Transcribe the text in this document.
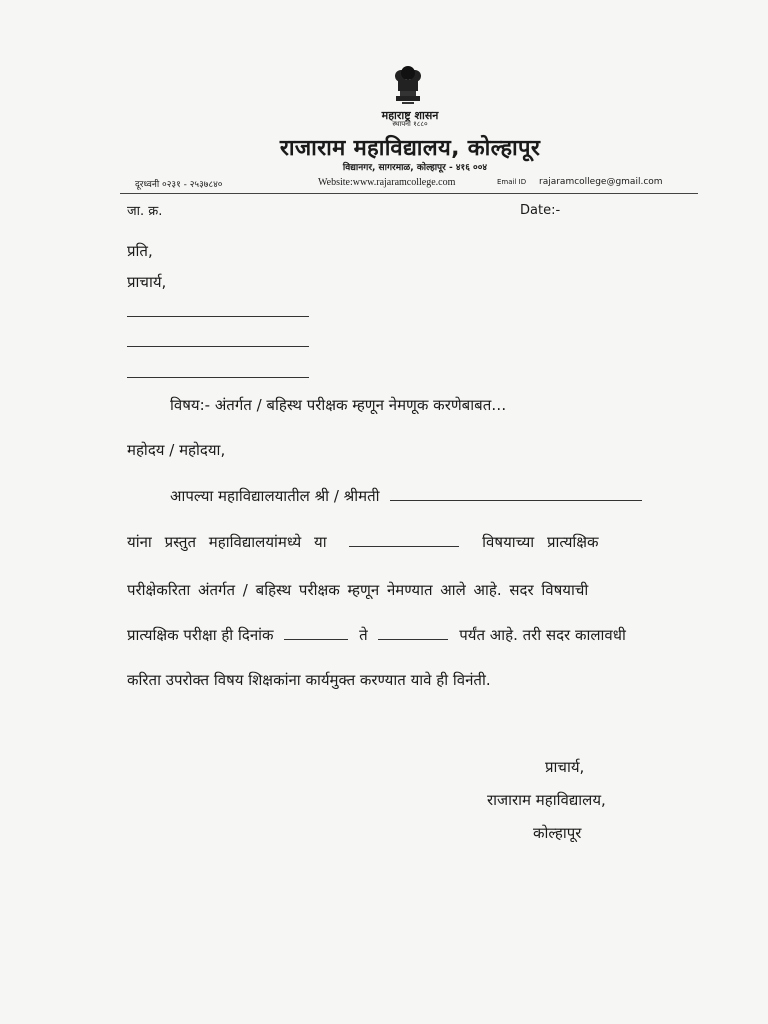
महाराष्ट्र शासन
स्थापना १८८०
राजाराम महाविद्यालय, कोल्हापूर
विद्यानगर, सागरमाळ, कोल्हापूर - ४१६ ००४
दूरध्वनी ०२३१ - २५३७८४०	Website:www.rajaramcollege.com	Email ID rajaramcollege@gmail.com
जा. क्र.	Date:-
प्रति,
प्राचार्य,
विषय:- अंतर्गत / बहिस्थ परीक्षक म्हणून नेमणूक करणेबाबत…
महोदय / महोदया,
आपल्या महाविद्यालयातील श्री / श्रीमती
यांना प्रस्तुत महाविद्यालयांमध्ये या	विषयाच्या प्रात्यक्षिक
परीक्षेकरिता अंतर्गत / बहिस्थ परीक्षक म्हणून नेमण्यात आले आहे. सदर विषयाची
प्रात्यक्षिक परीक्षा ही दिनांक	ते	पर्यंत आहे. तरी सदर कालावधी
करिता उपरोक्त विषय शिक्षकांना कार्यमुक्त करण्यात यावे ही विनंती.
प्राचार्य,
राजाराम महाविद्यालय,
कोल्हापूर
